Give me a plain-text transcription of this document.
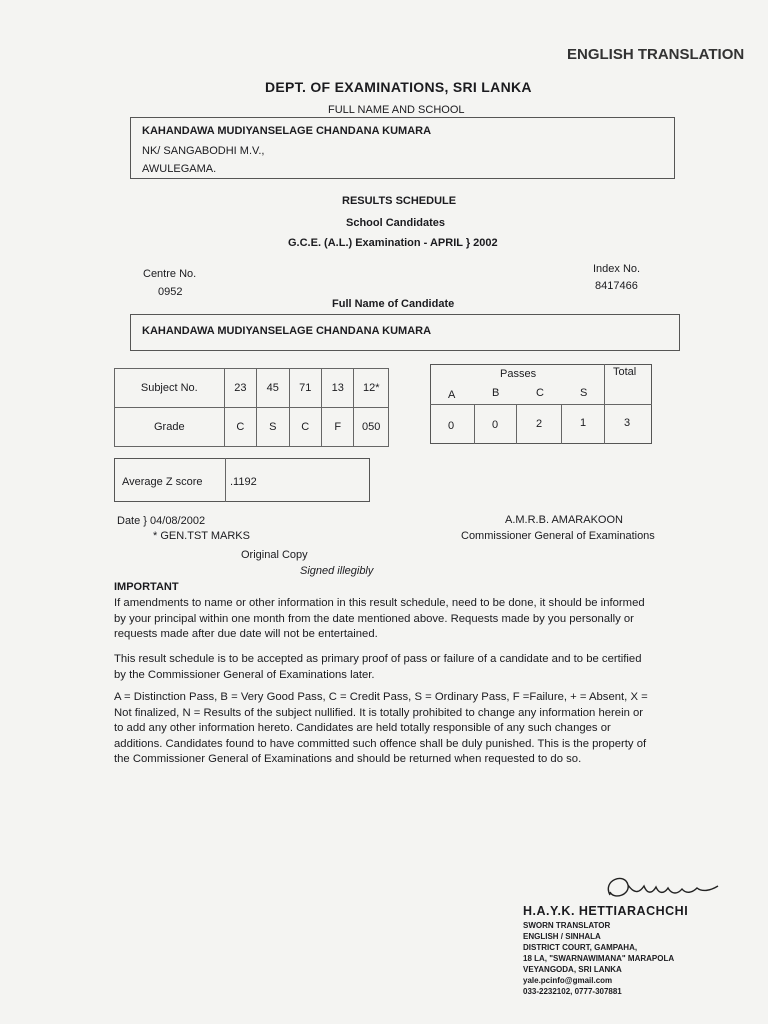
ENGLISH TRANSLATION
DEPT. OF EXAMINATIONS, SRI LANKA
FULL NAME AND SCHOOL
KAHANDAWA MUDIYANSELAGE CHANDANA KUMARA
NK/ SANGABODHI M.V.,
AWULEGAMA.
RESULTS SCHEDULE
School Candidates
G.C.E. (A.L.) Examination - APRIL } 2002
Centre No.
0952
Index No.
8417466
Full Name of Candidate
KAHANDAWA MUDIYANSELAGE CHANDANA KUMARA
Subject No.	23	45	71	13	12*
Grade	C	S	C	F	050
Passes	Total
A	B	C	S
0	0	2	1	3
Average Z score .1192
Date } 04/08/2002
* GEN.TST MARKS
Original Copy
Signed illegibly
A.M.R.B. AMARAKOON
Commissioner General of Examinations
IMPORTANT
If amendments to name or other information in this result schedule, need to be done, it should be informed by your principal within one month from the date mentioned above. Requests made by you personally or requests made after due date will not be entertained.
This result schedule is to be accepted as primary proof of pass or failure of a candidate and to be certified by the Commissioner General of Examinations later.
A = Distinction Pass, B = Very Good Pass, C = Credit Pass, S = Ordinary Pass, F =Failure, + = Absent, X = Not finalized, N = Results of the subject nullified. It is totally prohibited to change any information herein or to add any other information hereto. Candidates are held totally responsible of any such changes or additions. Candidates found to have committed such offence shall be duly punished. This is the property of the Commissioner General of Examinations and should be returned when requested to do so.
H.A.Y.K. HETTIARACHCHI
SWORN TRANSLATOR
ENGLISH / SINHALA
DISTRICT COURT, GAMPAHA,
18 LA, "SWARNAWIMANA" MARAPOLA
VEYANGODA, SRI LANKA
yale.pcinfo@gmail.com
033-2232102, 0777-307881
